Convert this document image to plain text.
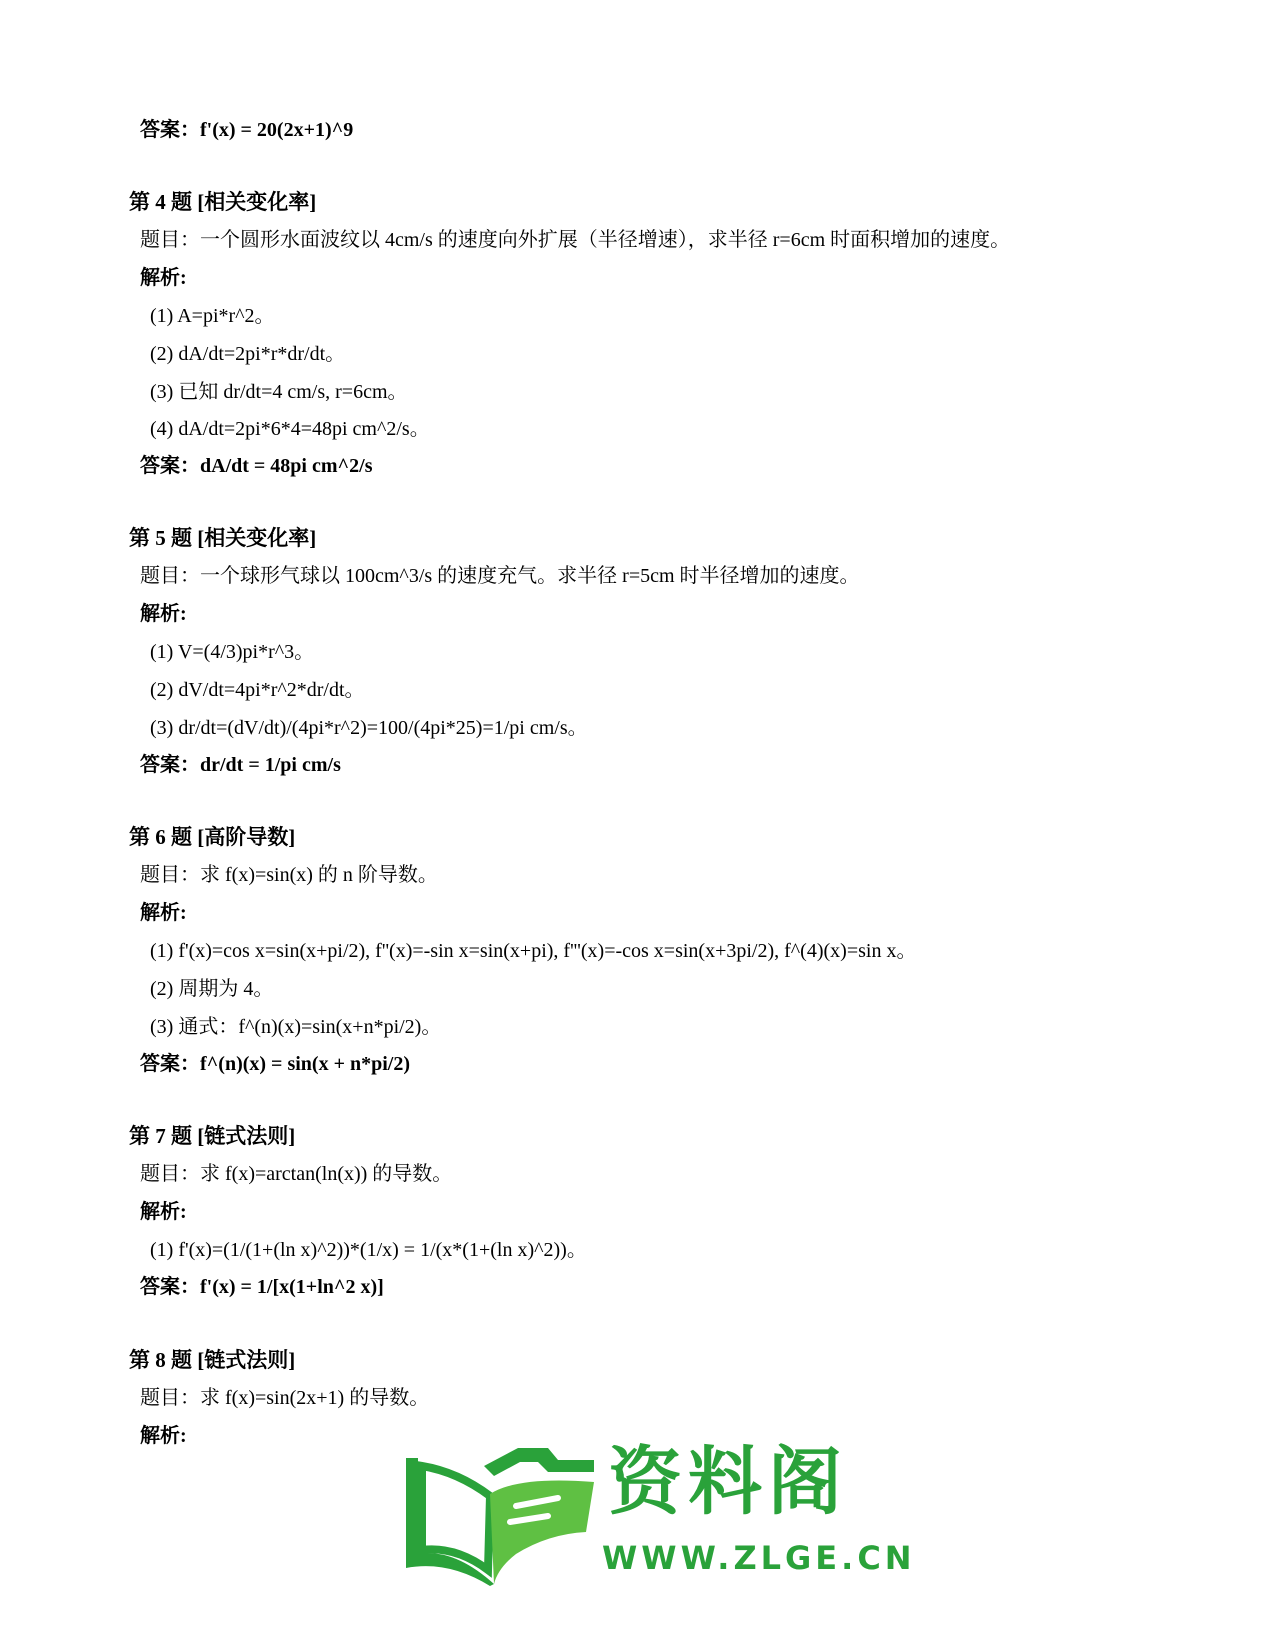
答案：f'(x) = 20(2x+1)^9
第 4 题 [相关变化率]
题目：一个圆形水面波纹以 4cm/s 的速度向外扩展（半径增速），求半径 r=6cm 时面积增加的速度。
解析:
(1) A=pi*r^2。
(2) dA/dt=2pi*r*dr/dt。
(3) 已知 dr/dt=4 cm/s, r=6cm。
(4) dA/dt=2pi*6*4=48pi cm^2/s。
答案：dA/dt = 48pi cm^2/s
第 5 题 [相关变化率]
题目：一个球形气球以 100cm^3/s 的速度充气。求半径 r=5cm 时半径增加的速度。
解析:
(1) V=(4/3)pi*r^3。
(2) dV/dt=4pi*r^2*dr/dt。
(3) dr/dt=(dV/dt)/(4pi*r^2)=100/(4pi*25)=1/pi cm/s。
答案：dr/dt = 1/pi cm/s
第 6 题 [高阶导数]
题目：求 f(x)=sin(x) 的 n 阶导数。
解析:
(1) f'(x)=cos x=sin(x+pi/2), f''(x)=-sin x=sin(x+pi), f'''(x)=-cos x=sin(x+3pi/2), f^(4)(x)=sin x。
(2) 周期为 4。
(3) 通式：f^(n)(x)=sin(x+n*pi/2)。
答案：f^(n)(x) = sin(x + n*pi/2)
第 7 题 [链式法则]
题目：求 f(x)=arctan(ln(x)) 的导数。
解析:
(1) f'(x)=(1/(1+(ln x)^2))*(1/x) = 1/(x*(1+(ln x)^2))。
答案：f'(x) = 1/[x(1+ln^2 x)]
第 8 题 [链式法则]
题目：求 f(x)=sin(2x+1) 的导数。
解析:
资料阁
WWW.ZLGE.CN
